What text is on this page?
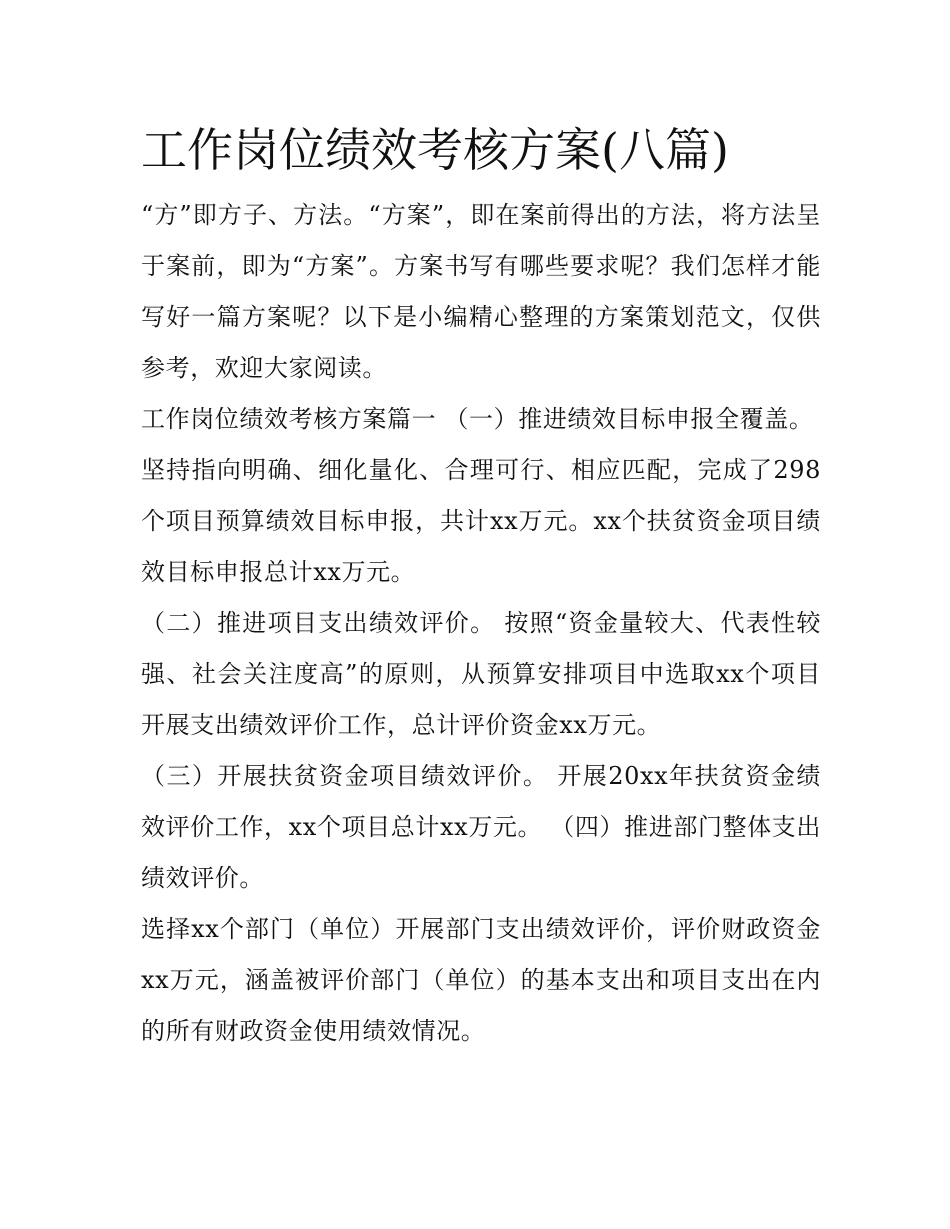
工作岗位绩效考核方案(八篇)

“方”即方子、方法。“方案”，即在案前得出的方法，将方法呈于案前，即为“方案”。方案书写有哪些要求呢？我们怎样才能写好一篇方案呢？以下是小编精心整理的方案策划范文，仅供参考，欢迎大家阅读。

工作岗位绩效考核方案篇一 （一）推进绩效目标申报全覆盖。

坚持指向明确、细化量化、合理可行、相应匹配，完成了298个项目预算绩效目标申报，共计xx万元。xx个扶贫资金项目绩效目标申报总计xx万元。

（二）推进项目支出绩效评价。 按照“资金量较大、代表性较强、社会关注度高”的原则，从预算安排项目中选取xx个项目开展支出绩效评价工作，总计评价资金xx万元。

（三）开展扶贫资金项目绩效评价。 开展20xx年扶贫资金绩效评价工作，xx个项目总计xx万元。 （四）推进部门整体支出绩效评价。

选择xx个部门（单位）开展部门支出绩效评价，评价财政资金xx万元，涵盖被评价部门（单位）的基本支出和项目支出在内的所有财政资金使用绩效情况。
